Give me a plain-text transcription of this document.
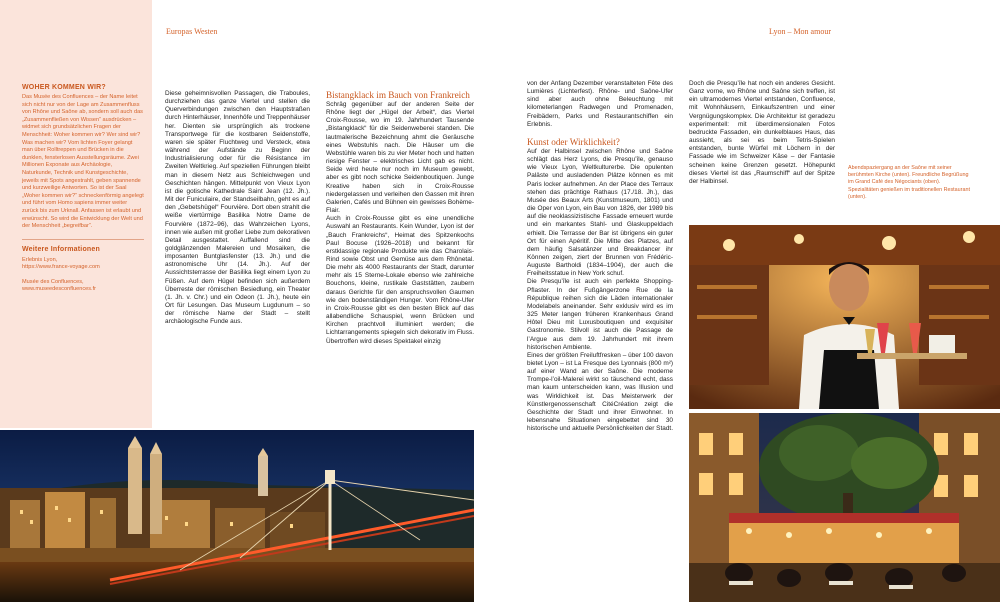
Europas Westen
WOHER KOMMEN WIR?
Das Musée des Confluences – der Name leitet sich nicht nur von der Lage am Zusammenfluss von Rhône und Saône ab, sondern soll auch das „Zusammenfließen von Wissen“ ausdrücken – widmet sich grundsätzlichen Fragen der Menschheit: Woher kommen wir? Wer sind wir? Was machen wir? Vom lichten Foyer gelangt man über Rolltreppen und Brücken in die dunklen, fensterlosen Ausstellungsräume. Zwei Millionen Exponate aus Archäologie, Naturkunde, Technik und Kunstgeschichte, jeweils mit Spots angestrahlt, geben spannende und kurzweilige Antworten. So ist der Saal „Woher kommen wir?“ schneckenförmig angelegt und führt vom Homo sapiens immer weiter zurück bis zum Urknall. Anfassen ist erlaubt und erwünscht. So wird die Entwicklung der Welt und der Menschheit „begreifbar“.
Weitere Informationen
Erlebnis Lyon,
https://www.france-voyage.com
Musée des Confluences,
www.museedesconfluences.fr
Diese geheimnisvollen Passagen, die Traboules, durchziehen das ganze Viertel und stellen die Querverbindungen zwischen den Hauptstraßen durch Hinterhäuser, Innenhöfe und Treppenhäuser her. Dienten sie ursprünglich als trockene Transportwege für die kostbaren Seidenstoffe, waren sie später Fluchtweg und Versteck, etwa während der Aufstände zu Beginn der Industrialisierung oder für die Résistance im Zweiten Weltkrieg. Auf speziellen Führungen bleibt man in diesem Netz aus Schleichwegen und Geschichten hängen. Mittelpunkt von Vieux Lyon ist die gotische Kathedrale Saint Jean (12. Jh.). Mit der Funiculaire, der Standseilbahn, geht es auf den „Gebetshügel“ Fourvière. Dort oben strahlt die weiße viertürmige Basilika Notre Dame de Fourvière (1872–96), das Wahrzeichen Lyons, innen wie außen mit großer Liebe zum dekorativen Detail ausgestattet. Auffallend sind die goldglänzenden Malereien und Mosaiken, die imposanten Buntglasfenster (13. Jh.) und die astronomische Uhr (14. Jh.). Auf der Aussichtsterrasse der Basilika liegt einem Lyon zu Füßen. Auf dem Hügel befinden sich außerdem Überreste der römischen Besiedlung, ein Theater (1. Jh. v. Chr.) und ein Odeon (1. Jh.), heute ein Ort für Lesungen. Das Museum Lugdunum – so der römische Name der Stadt – stellt archäologische Funde aus.
Bistangklack im Bauch von Frankreich
Schräg gegenüber auf der anderen Seite der Rhône liegt der „Hügel der Arbeit“, das Viertel Croix-Rousse, wo im 19. Jahrhundert Tausende „Bistangklack“ für die Seidenweberei standen. Die lautmalerische Bezeichnung ahmt die Geräusche eines Webstuhls nach. Die Häuser um die Webstühle waren bis zu vier Meter hoch und hatten riesige Fenster – elektrisches Licht gab es nicht. Seide wird heute nur noch im Museum gewebt, aber es gibt noch schicke Seidenboutiquen. Junge Kreative haben sich in Croix-Rousse niedergelassen und verleihen den Gassen mit ihren Galerien, Cafés und Bühnen ein gewisses Bohème-Flair.
Auch in Croix-Rousse gibt es eine unendliche Auswahl an Restaurants. Kein Wunder, Lyon ist der „Bauch Frankreichs“, Heimat des Spitzenkochs Paul Bocuse (1926–2018) und bekannt für erstklassige regionale Produkte wie das Charolais-Rind sowie Obst und Gemüse aus dem Rhônetal. Die mehr als 4000 Restaurants der Stadt, darunter mehr als 15 Sterne-Lokale ebenso wie zahlreiche Bouchons, kleine, rustikale Gaststätten, zaubern daraus Gerichte für den anspruchsvollen Gaumen wie den bodenständigen Hunger. Vom Rhône-Ufer in Croix-Rousse gibt es den besten Blick auf das allabendliche Schauspiel, wenn Brücken und Kirchen prachtvoll illuminiert werden; die Lichtarrangements spiegeln sich dekorativ im Fluss. Übertroffen wird dieses Spektakel einzig
Lyon – Mon amour
von der Anfang Dezember veranstalteten Fête des Lumières (Lichterfest). Rhône- und Saône-Ufer sind aber auch ohne Beleuchtung mit kilometerlangen Radwegen und Promenaden, Freibädern, Parks und Restaurantschiffen ein Erlebnis.
Kunst oder Wirklichkeit?
Auf der Halbinsel zwischen Rhône und Saône schlägt das Herz Lyons, die Presqu’île, genauso wie Vieux Lyon, Weltkulturerbe. Die opulenten Paläste und ausladenden Plätze können es mit Paris locker aufnehmen. An der Place des Terraux stehen das prächtige Rathaus (17./18. Jh.), das Musée des Beaux Arts (Kunstmuseum, 1801) und die Oper von Lyon, ein Bau von 1826, der 1989 bis auf die neoklassizistische Fassade erneuert wurde und ein markantes Stahl- und Glaskuppeldach erhielt. Die Terrasse der Bar ist übrigens ein guter Ort für einen Apéritif. Die Mitte des Platzes, auf dem häufig Salsatänzer und Breakdancer ihr Können zeigen, ziert der Brunnen von Frédéric-Auguste Bartholdi (1834–1904), der auch die Freiheitsstatue in New York schuf.
Die Presqu’île ist auch ein perfekte Shopping-Pflaster. In der Fußgängerzone Rue de la République reihen sich die Läden internationaler Modelabels aneinander. Sehr exklusiv wird es im 325 Meter langen früheren Krankenhaus Grand Hôtel Dieu mit Luxusboutiquen und exquisiter Gastronomie. Stilvoll ist auch die Passage de l’Argue aus dem 19. Jahrhundert mit ihrem historischen Ambiente.
Eines der größten Freiluftfresken – über 100 davon bietet Lyon – ist La Fresque des Lyonnais (800 m²) auf einer Wand an der Saône. Die moderne Trompe-l’oil-Malerei wirkt so täuschend echt, dass man kaum unterscheiden kann, was Illusion und was Wirklichkeit ist. Das Meisterwerk der Künstlergenossenschaft CitéCréation zeigt die Geschichte der Stadt und ihrer Einwohner. In lebensnahe Situationen eingebettet sind 30 historische und aktuelle Persönlichkeiten der Stadt.
Doch die Presqu’île hat noch ein anderes Gesicht. Ganz vorne, wo Rhône und Saône sich treffen, ist ein ultramodernes Viertel entstanden, Confluence, mit Wohnhäusern, Einkaufszentren und einer Vergnügungskomplex. Die Architektur ist geradezu experimentell: mit überdimensionalen Fotos bedruckte Fassaden, ein dunkelblaues Haus, das aussieht, als sei es beim Tetris-Spielen entstanden, bunte Würfel mit Löchern in der Fassade wie im Schweizer Käse – der Fantasie scheinen keine Grenzen gesetzt. Höhepunkt dieses Viertel ist das „Raumschiff“ auf der Spitze der Halbinsel.
Abendspaziergang an der Saône mit seiner berühmten Kirche (unten). Freundliche Begrüßung im Grand Café des Négociants (oben). Spezialitäten genießen im traditionellen Restaurant (unten).
